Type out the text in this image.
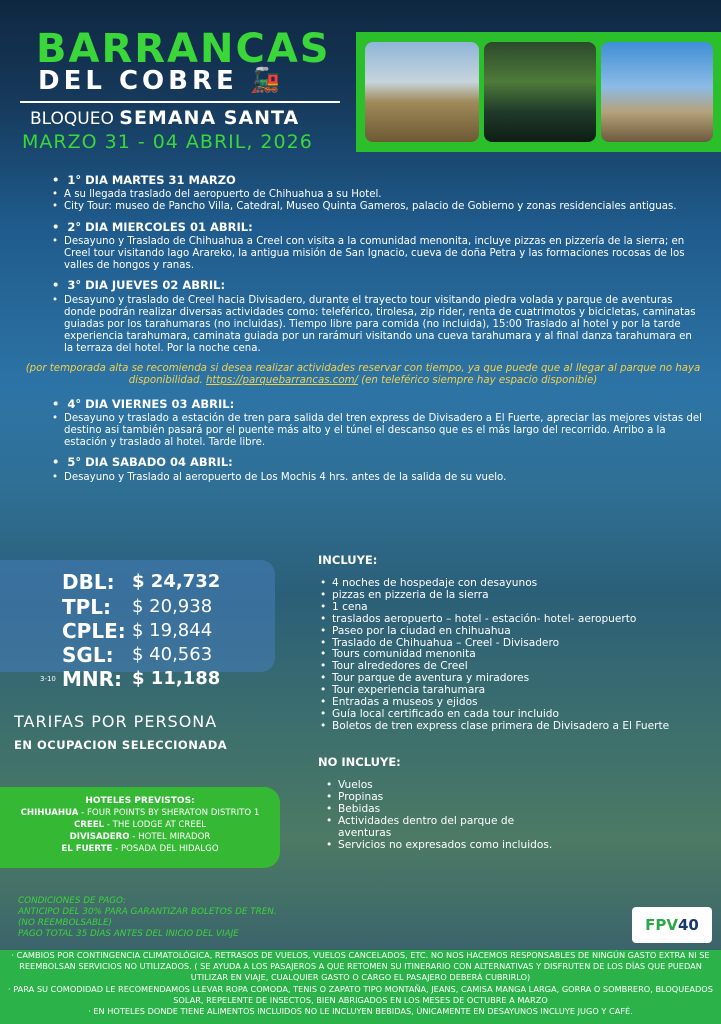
BARRANCAS
DEL COBRE 🚂
BLOQUEO SEMANA SANTA
MARZO 31 - 04 ABRIL, 2026
• 1° DIA MARTES 31 MARZO
• A su llegada traslado del aeropuerto de Chihuahua a su Hotel.
• City Tour: museo de Pancho Villa, Catedral, Museo Quinta Gameros, palacio de Gobierno y zonas residenciales antiguas.
• 2° DIA MIERCOLES 01 ABRIL:
• Desayuno y Traslado de Chihuahua a Creel con visita a la comunidad menonita, incluye pizzas en pizzería de la sierra; en Creel tour visitando lago Arareko, la antigua misión de San Ignacio, cueva de doña Petra y las formaciones rocosas de los valles de hongos y ranas.
• 3° DIA JUEVES 02 ABRIL:
• Desayuno y traslado de Creel hacia Divisadero, durante el trayecto tour visitando piedra volada y parque de aventuras donde podrán realizar diversas actividades como: teleférico, tirolesa, zip rider, renta de cuatrimotos y bicicletas, caminatas guiadas por los tarahumaras (no incluidas). Tiempo libre para comida (no incluida), 15:00 Traslado al hotel y por la tarde experiencia tarahumara, caminata guiada por un rarámuri visitando una cueva tarahumara y al final danza tarahumara en la terraza del hotel. Por la noche cena.
(por temporada alta se recomienda si desea realizar actividades reservar con tiempo, ya que puede que al llegar al parque no haya disponibilidad. https://parquebarrancas.com/ (en teleférico siempre hay espacio disponible)
• 4° DIA VIERNES 03 ABRIL:
• Desayuno y traslado a estación de tren para salida del tren express de Divisadero a El Fuerte, apreciar las mejores vistas del destino asi también pasará por el puente más alto y el túnel el descanso que es el más largo del recorrido. Arribo a la estación y traslado al hotel. Tarde libre.
• 5° DIA SABADO 04 ABRIL:
• Desayuno y Traslado al aeropuerto de Los Mochis 4 hrs. antes de la salida de su vuelo.
DBL: $ 24,732
TPL: $ 20,938
CPLE: $ 19,844
SGL: $ 40,563
3-10 MNR: $ 11,188
TARIFAS POR PERSONA
EN OCUPACION SELECCIONADA
HOTELES PREVISTOS:
CHIHUAHUA - FOUR POINTS BY SHERATON DISTRITO 1
CREEL - THE LODGE AT CREEL
DIVISADERO - HOTEL MIRADOR
EL FUERTE - POSADA DEL HIDALGO
INCLUYE:
• 4 noches de hospedaje con desayunos
• pizzas en pizzeria de la sierra
• 1 cena
• traslados aeropuerto – hotel - estación- hotel- aeropuerto
• Paseo por la ciudad en chihuahua
• Traslado de Chihuahua – Creel - Divisadero
• Tours comunidad menonita
• Tour alrededores de Creel
• Tour parque de aventura y miradores
• Tour experiencia tarahumara
• Entradas a museos y ejidos
• Guía local certificado en cada tour incluido
• Boletos de tren express clase primera de Divisadero a El Fuerte
NO INCLUYE:
• Vuelos
• Propinas
• Bebidas
• Actividades dentro del parque de aventuras
• Servicios no expresados como incluidos.
CONDICIONES DE PAGO:
ANTICIPO DEL 30% PARA GARANTIZAR BOLETOS DE TREN.
(NO REEMBOLSABLE)
PAGO TOTAL 35 DÍAS ANTES DEL INICIO DEL VIAJE	FPV40
· CAMBIOS POR CONTINGENCIA CLIMATOLÓGICA, RETRASOS DE VUELOS, VUELOS CANCELADOS, ETC. NO NOS HACEMOS RESPONSABLES DE NINGÚN GASTO EXTRA NI SE REEMBOLSAN SERVICIOS NO UTILIZADOS. ( SE AYUDA A LOS PASAJEROS A QUE RETOMEN SU ITINERARIO CON ALTERNATIVAS Y DISFRUTEN DE LOS DÍAS QUE PUEDAN UTILIZAR EN VIAJE, CUALQUIER GASTO O CARGO EL PASAJERO DEBERÁ CUBRIRLO)
· PARA SU COMODIDAD LE RECOMENDAMOS LLEVAR ROPA COMODA, TENIS O ZAPATO TIPO MONTAÑA, JEANS, CAMISA MANGA LARGA, GORRA O SOMBRERO, BLOQUEADOS SOLAR, REPELENTE DE INSECTOS, BIEN ABRIGADOS EN LOS MESES DE OCTUBRE A MARZO
· EN HOTELES DONDE TIENE ALIMENTOS INCLUIDOS NO LE INCLUYEN BEBIDAS, ÚNICAMENTE EN DESAYUNOS INCLUYE JUGO Y CAFÉ.
